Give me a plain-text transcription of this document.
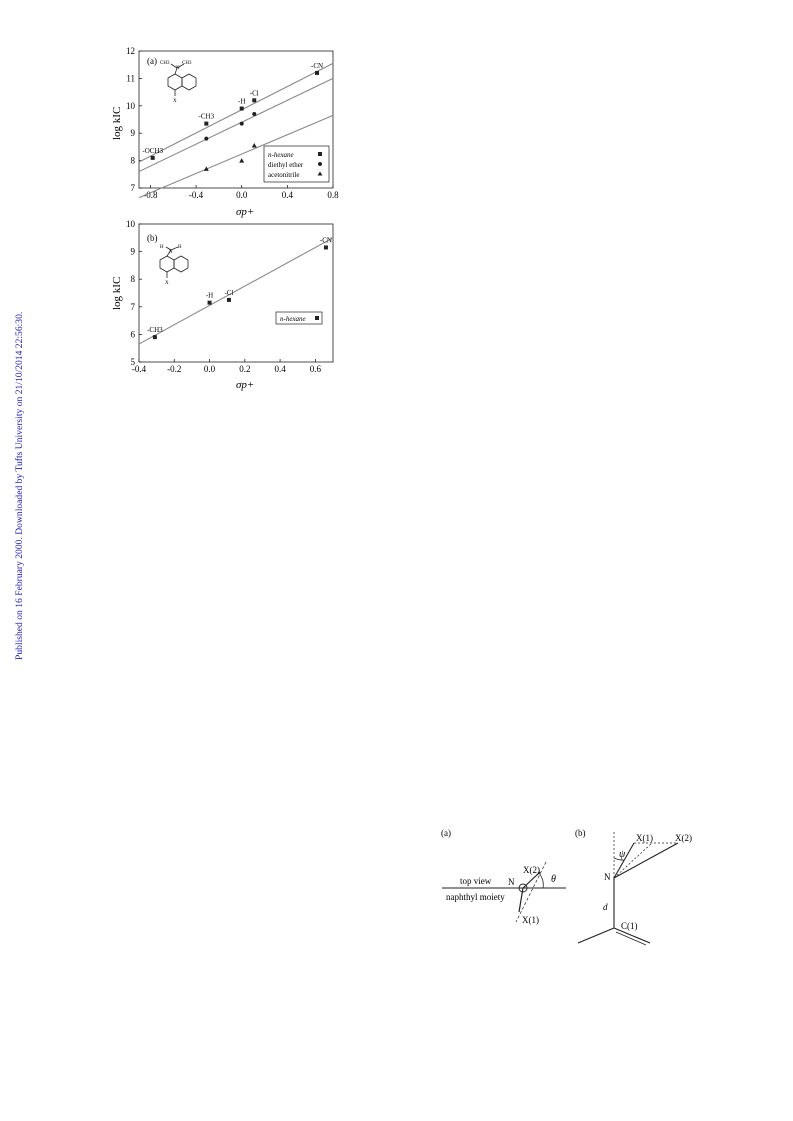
Published on 16 February 2000. Downloaded by Tufts University on 21/10/2014 22:56:30.
-0.8	-0.4	0.0	0.4	0.8
7
8
9
10
11
12
(a) CH3	CH3
N
X
-OCH3
-CH3
-H
-Cl
-CN
n-hexane
diethyl ether
acetonitrile
σp+
log kIC
-0.4 -0.2	0.0	0.2	0.4	0.6
5
6
7
8
9
10
(b)
H	H
N
X
-CH3
-H -Cl
-CN
n-hexane
σp+
log kIC
(a)
top view
naphthyl moiety
N
X(2)
X(1)
θ
(b)
ψ
X(1) X(2)
N
d
C(1)
